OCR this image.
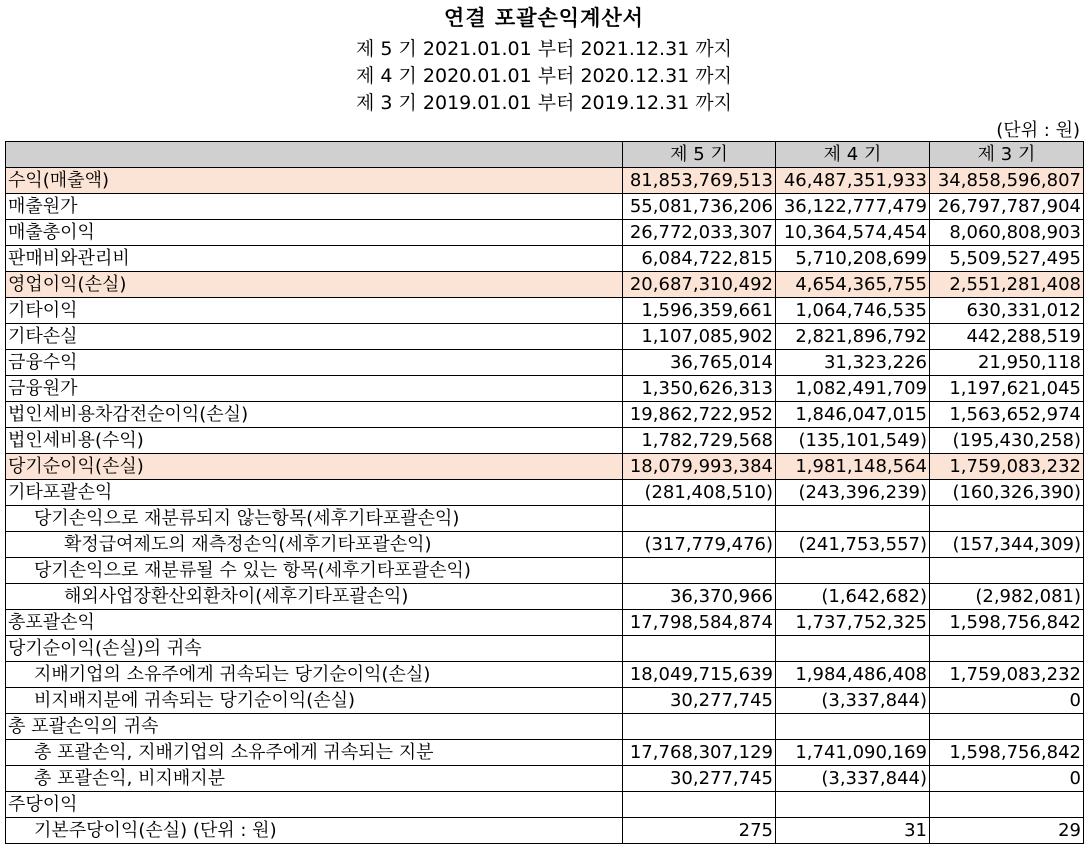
연결 포괄손익계산서
제 5 기 2021.01.01 부터 2021.12.31 까지
제 4 기 2020.01.01 부터 2020.12.31 까지
제 3 기 2019.01.01 부터 2019.12.31 까지
(단위 : 원)
	제 5 기	제 4 기	제 3 기
수익(매출액)	81,853,769,513	46,487,351,933	34,858,596,807
매출원가	55,081,736,206	36,122,777,479	26,797,787,904
매출총이익	26,772,033,307	10,364,574,454	8,060,808,903
판매비와관리비	6,084,722,815	5,710,208,699	5,509,527,495
영업이익(손실)	20,687,310,492	4,654,365,755	2,551,281,408
기타이익	1,596,359,661	1,064,746,535	630,331,012
기타손실	1,107,085,902	2,821,896,792	442,288,519
금융수익	36,765,014	31,323,226	21,950,118
금융원가	1,350,626,313	1,082,491,709	1,197,621,045
법인세비용차감전순이익(손실)	19,862,722,952	1,846,047,015	1,563,652,974
법인세비용(수익)	1,782,729,568	(135,101,549)	(195,430,258)
당기순이익(손실)	18,079,993,384	1,981,148,564	1,759,083,232
기타포괄손익	(281,408,510)	(243,396,239)	(160,326,390)
당기손익으로 재분류되지 않는항목(세후기타포괄손익)			
확정급여제도의 재측정손익(세후기타포괄손익)	(317,779,476)	(241,753,557)	(157,344,309)
당기손익으로 재분류될 수 있는 항목(세후기타포괄손익)			
해외사업장환산외환차이(세후기타포괄손익)	36,370,966	(1,642,682)	(2,982,081)
총포괄손익	17,798,584,874	1,737,752,325	1,598,756,842
당기순이익(손실)의 귀속			
지배기업의 소유주에게 귀속되는 당기순이익(손실)	18,049,715,639	1,984,486,408	1,759,083,232
비지배지분에 귀속되는 당기순이익(손실)	30,277,745	(3,337,844)	0
총 포괄손익의 귀속			
총 포괄손익, 지배기업의 소유주에게 귀속되는 지분	17,768,307,129	1,741,090,169	1,598,756,842
총 포괄손익, 비지배지분	30,277,745	(3,337,844)	0
주당이익			
기본주당이익(손실) (단위 : 원)	275	31	29
